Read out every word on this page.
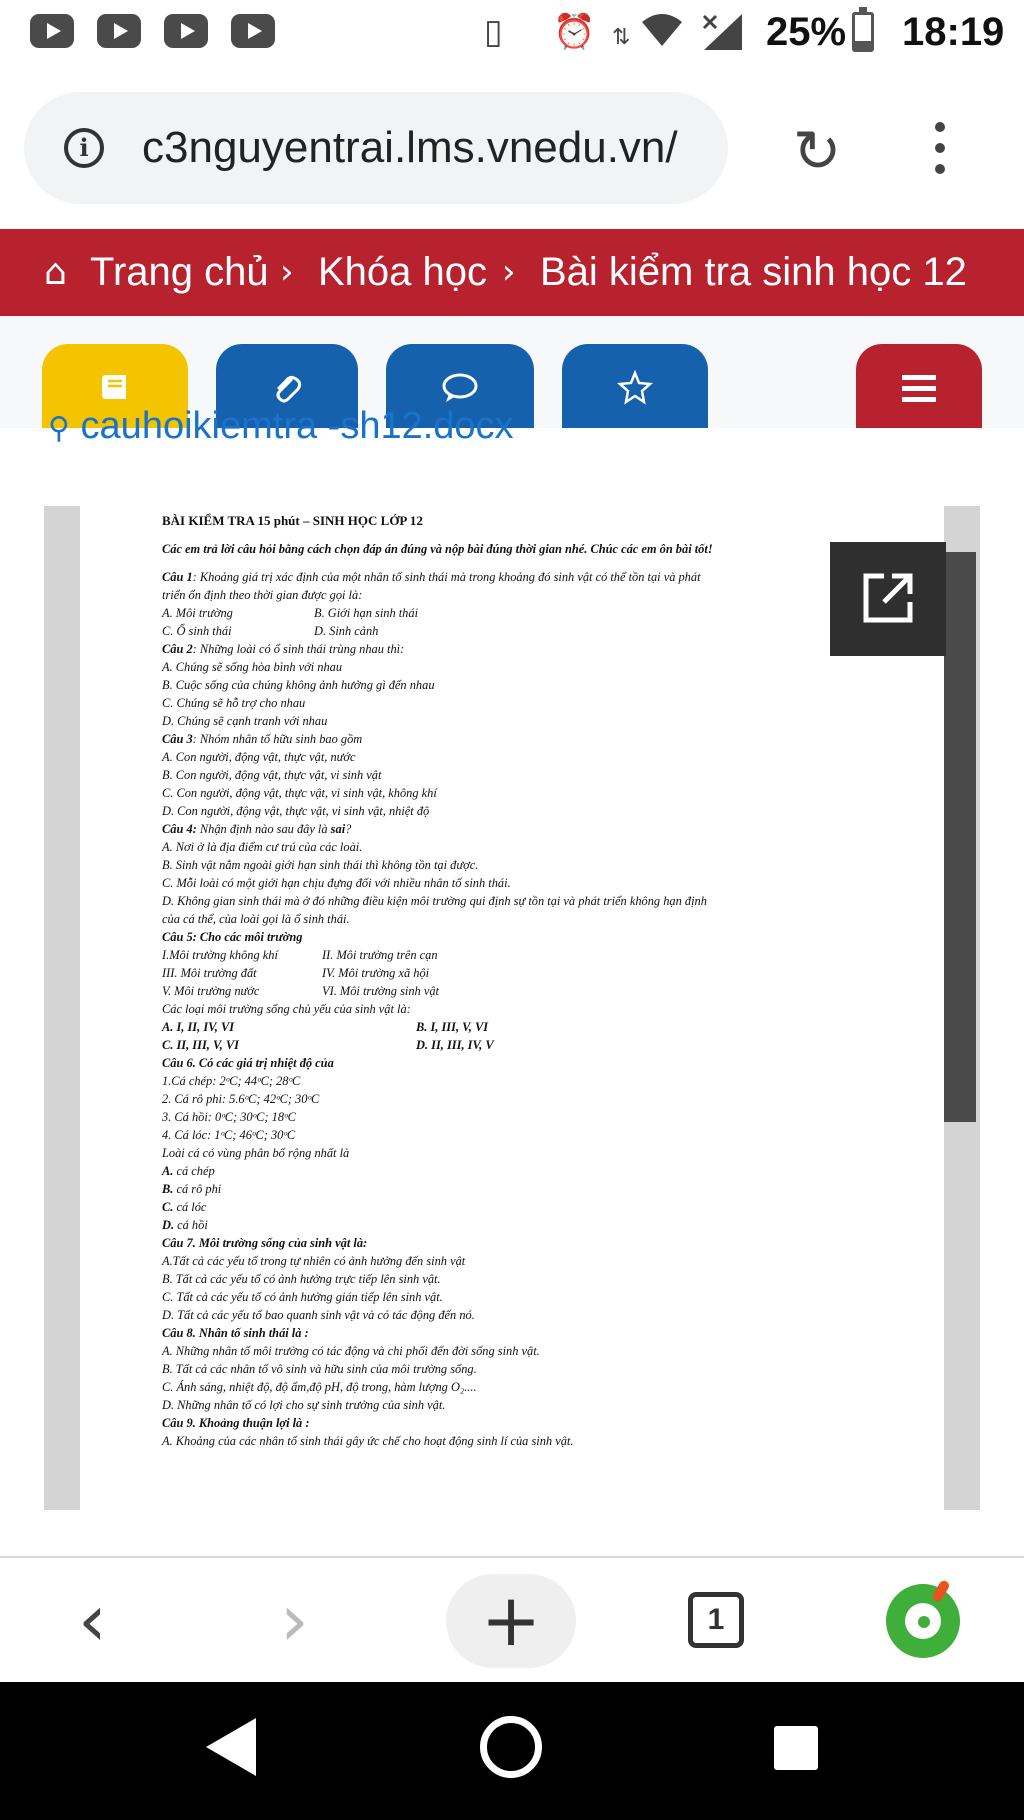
▯ ⏰ ⇅	25% 18:19
i	c3nguyentrai.lms.vnedu.vn/ ↻
⌂ Trang chủ › Khóa học › Bài kiểm tra sinh học 12
⚲ cauhoikiemtra -sh12.docx

BÀI KIỂM TRA 15 phút – SINH HỌC LỚP 12

Các em trả lời câu hỏi bằng cách chọn đáp án đúng và nộp bài đúng thời gian nhé. Chúc các em ôn bài tốt!

Câu 1: Khoảng giá trị xác định của một nhân tố sinh thái mà trong khoảng đó sinh vật có thể tồn tại và phát

triển ổn định theo thời gian được gọi là:

A. Môi trường	B. Giới hạn sinh thái
C. Ổ sinh thái	D. Sinh cảnh

Câu 2: Những loài có ổ sinh thái trùng nhau thì:

A. Chúng sẽ sống hòa bình với nhau

B. Cuộc sống của chúng không ảnh hưởng gì đến nhau

C. Chúng sẽ hỗ trợ cho nhau

D. Chúng sẽ cạnh tranh với nhau

Câu 3: Nhóm nhân tố hữu sinh bao gồm

A. Con người, động vật, thực vật, nước

B. Con người, động vật, thực vật, vi sinh vật

C. Con người, động vật, thực vật, vi sinh vật, không khí

D. Con người, động vật, thực vật, vi sinh vật, nhiệt độ

Câu 4: Nhận định nào sau đây là sai?

A. Nơi ở là địa điểm cư trú của các loài.

B. Sinh vật nằm ngoài giới hạn sinh thái thì không tồn tại được.

C. Mỗi loài có một giới hạn chịu đựng đối với nhiều nhân tố sinh thái.

D. Không gian sinh thái mà ở đó những điều kiện môi trường qui định sự tồn tại và phát triển không hạn định

của cá thể, của loài gọi là ổ sinh thái.

Câu 5: Cho các môi trường

I.Môi trường không khí	II. Môi trường trên cạn
III. Môi trường đất	IV. Môi trường xã hội
V. Môi trường nước	VI. Môi trường sinh vật

Các loại môi trường sống chủ yếu của sinh vật là:

A. I, II, IV, VI	B. I, III, V, VI
C. II, III, V, VI	D. II, III, IV, V

Câu 6. Có các giá trị nhiệt độ của

1.Cá chép: 2ᵒC; 44ᵒC; 28ᵒC

2. Cá rô phi: 5.6ᵒC; 42ᵒC; 30ᵒC

3. Cá hồi: 0ᵒC; 30ᵒC; 18ᵒC

4. Cá lóc: 1ᵒC; 46ᵒC; 30ᵒC

Loài cá có vùng phân bố rộng nhất là

A. cá chép

B. cá rô phi

C. cá lóc

D. cá hồi

Câu 7. Môi trường sống của sinh vật là:

A.Tất cả các yếu tố trong tự nhiên có ảnh hưởng đến sinh vật

B. Tất cả các yếu tố có ảnh hưởng trực tiếp lên sinh vật.

C. Tất cả các yếu tố có ảnh hưởng gián tiếp lên sinh vật.

D. Tất cả các yếu tố bao quanh sinh vật và có tác động đến nó.

Câu 8. Nhân tố sinh thái là :

A. Những nhân tố môi trường có tác động và chi phối đến đời sống sinh vật.

B. Tất cả các nhân tố vô sinh và hữu sinh của môi trường sống.

C. Ánh sáng, nhiệt độ, độ ẩm,độ pH, độ trong, hàm lượng O₂....

D. Những nhân tố có lợi cho sự sinh trưởng của sinh vật.

Câu 9. Khoảng thuận lợi là :

A. Khoảng của các nhân tố sinh thái gây ức chế cho hoạt động sinh lí của sinh vật.

‹ ›	+	1
